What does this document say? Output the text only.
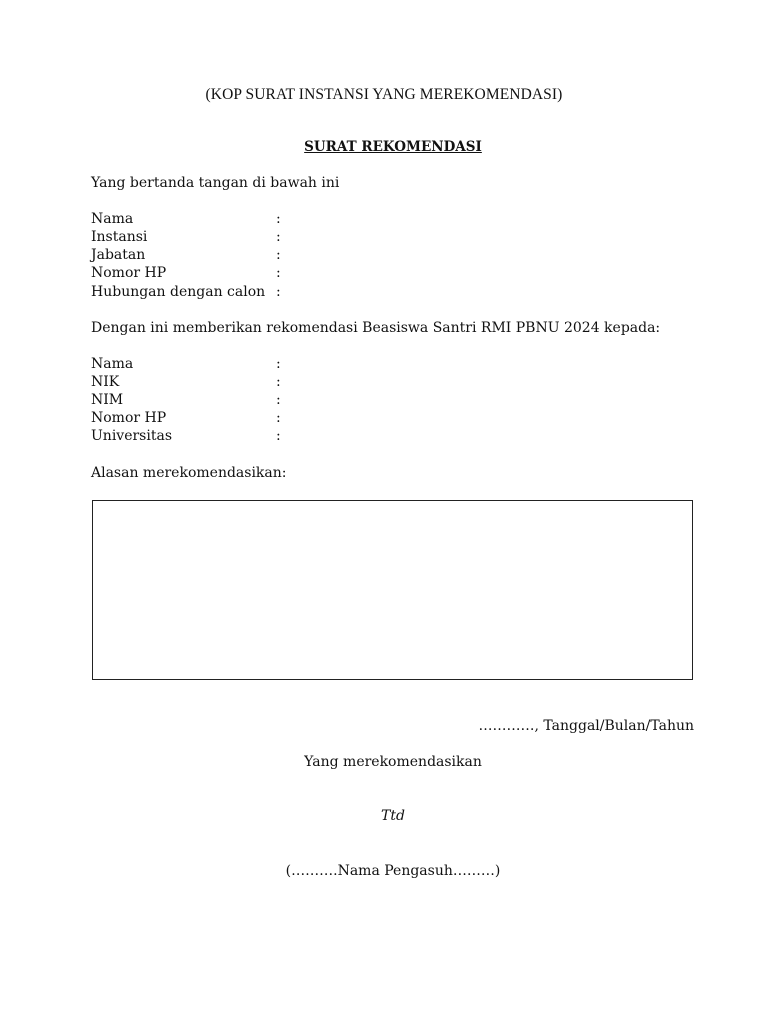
(KOP SURAT INSTANSI YANG MEREKOMENDASI)
SURAT REKOMENDASI
Yang bertanda tangan di bawah ini
Nama	:
Instansi	:
Jabatan	:
Nomor HP	:
Hubungan dengan calon :
Dengan ini memberikan rekomendasi Beasiswa Santri RMI PBNU 2024 kepada:
Nama	:
NIK	:
NIM	:
Nomor HP	:
Universitas	:
Alasan merekomendasikan:
…………, Tanggal/Bulan/Tahun
Yang merekomendasikan
Ttd
(……….Nama Pengasuh………)
